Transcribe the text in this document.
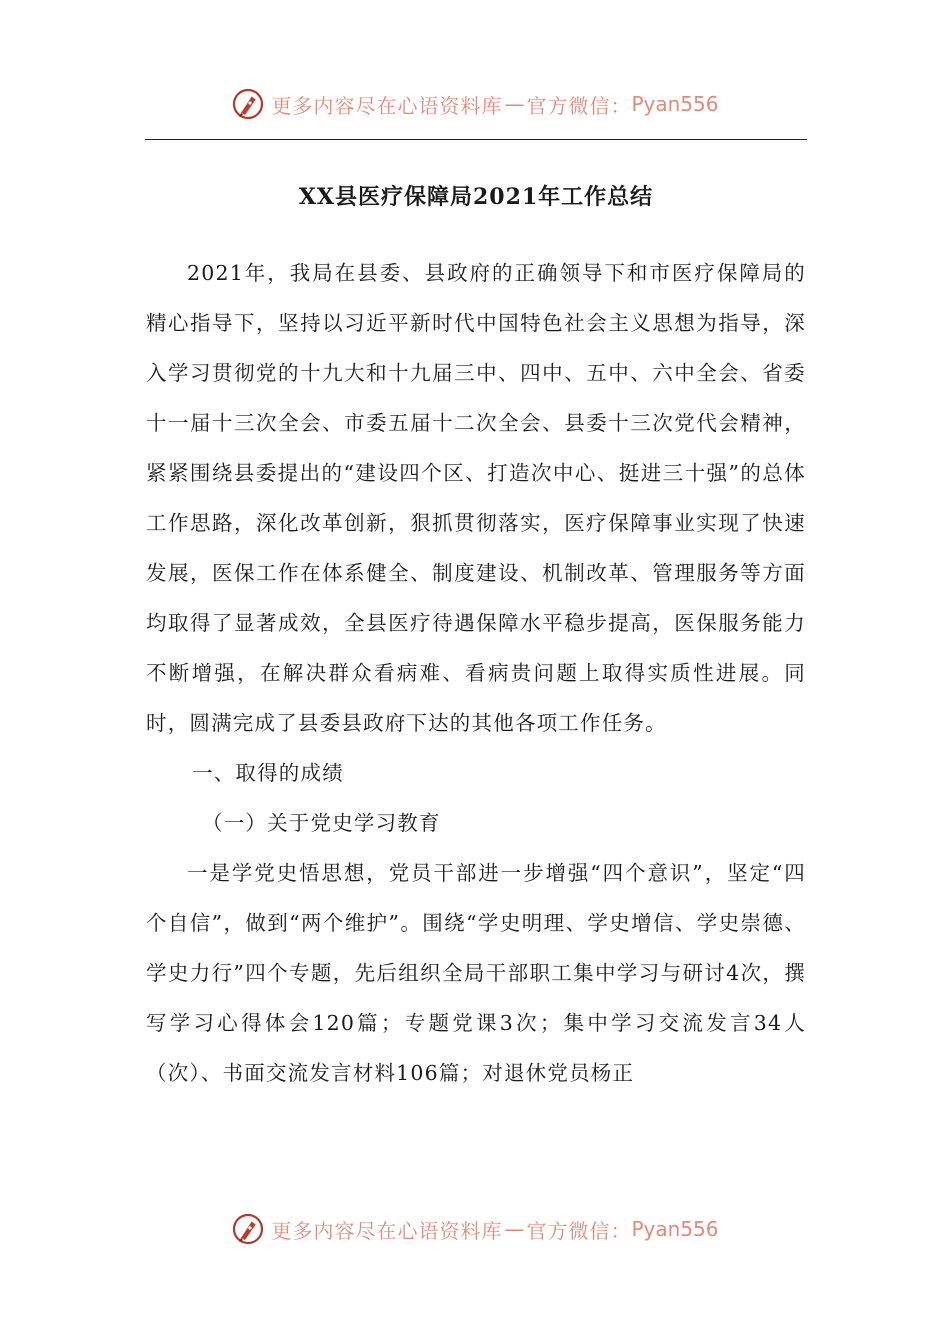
更多内容尽在心语资料库 — 官方微信： Pyan556
XX县医疗保障局2021年工作总结

2021年，我局在县委、县政府的正确领导下和市医疗保障局的精心指导下，坚持以习近平新时代中国特色社会主义思想为指导，深入学习贯彻党的十九大和十九届三中、四中、五中、六中全会、省委十一届十三次全会、市委五届十二次全会、县委十三次党代会精神，紧紧围绕县委提出的“建设四个区、打造次中心、挺进三十强”的总体工作思路，深化改革创新，狠抓贯彻落实，医疗保障事业实现了快速发展，医保工作在体系健全、制度建设、机制改革、管理服务等方面均取得了显著成效，全县医疗待遇保障水平稳步提高，医保服务能力不断增强，在解决群众看病难、看病贵问题上取得实质性进展。同时，圆满完成了县委县政府下达的其他各项工作任务。

一、取得的成绩

（一）关于党史学习教育

一是学党史悟思想，党员干部进一步增强“四个意识”，坚定“四个自信”，做到“两个维护”。围绕“学史明理、学史增信、学史崇德、学史力行”四个专题，先后组织全局干部职工集中学习与研讨4次，撰写学习心得体会120篇；专题党课3次；集中学习交流发言34人（次）、书面交流发言材料106篇；对退休党员杨正

更多内容尽在心语资料库 — 官方微信： Pyan556
